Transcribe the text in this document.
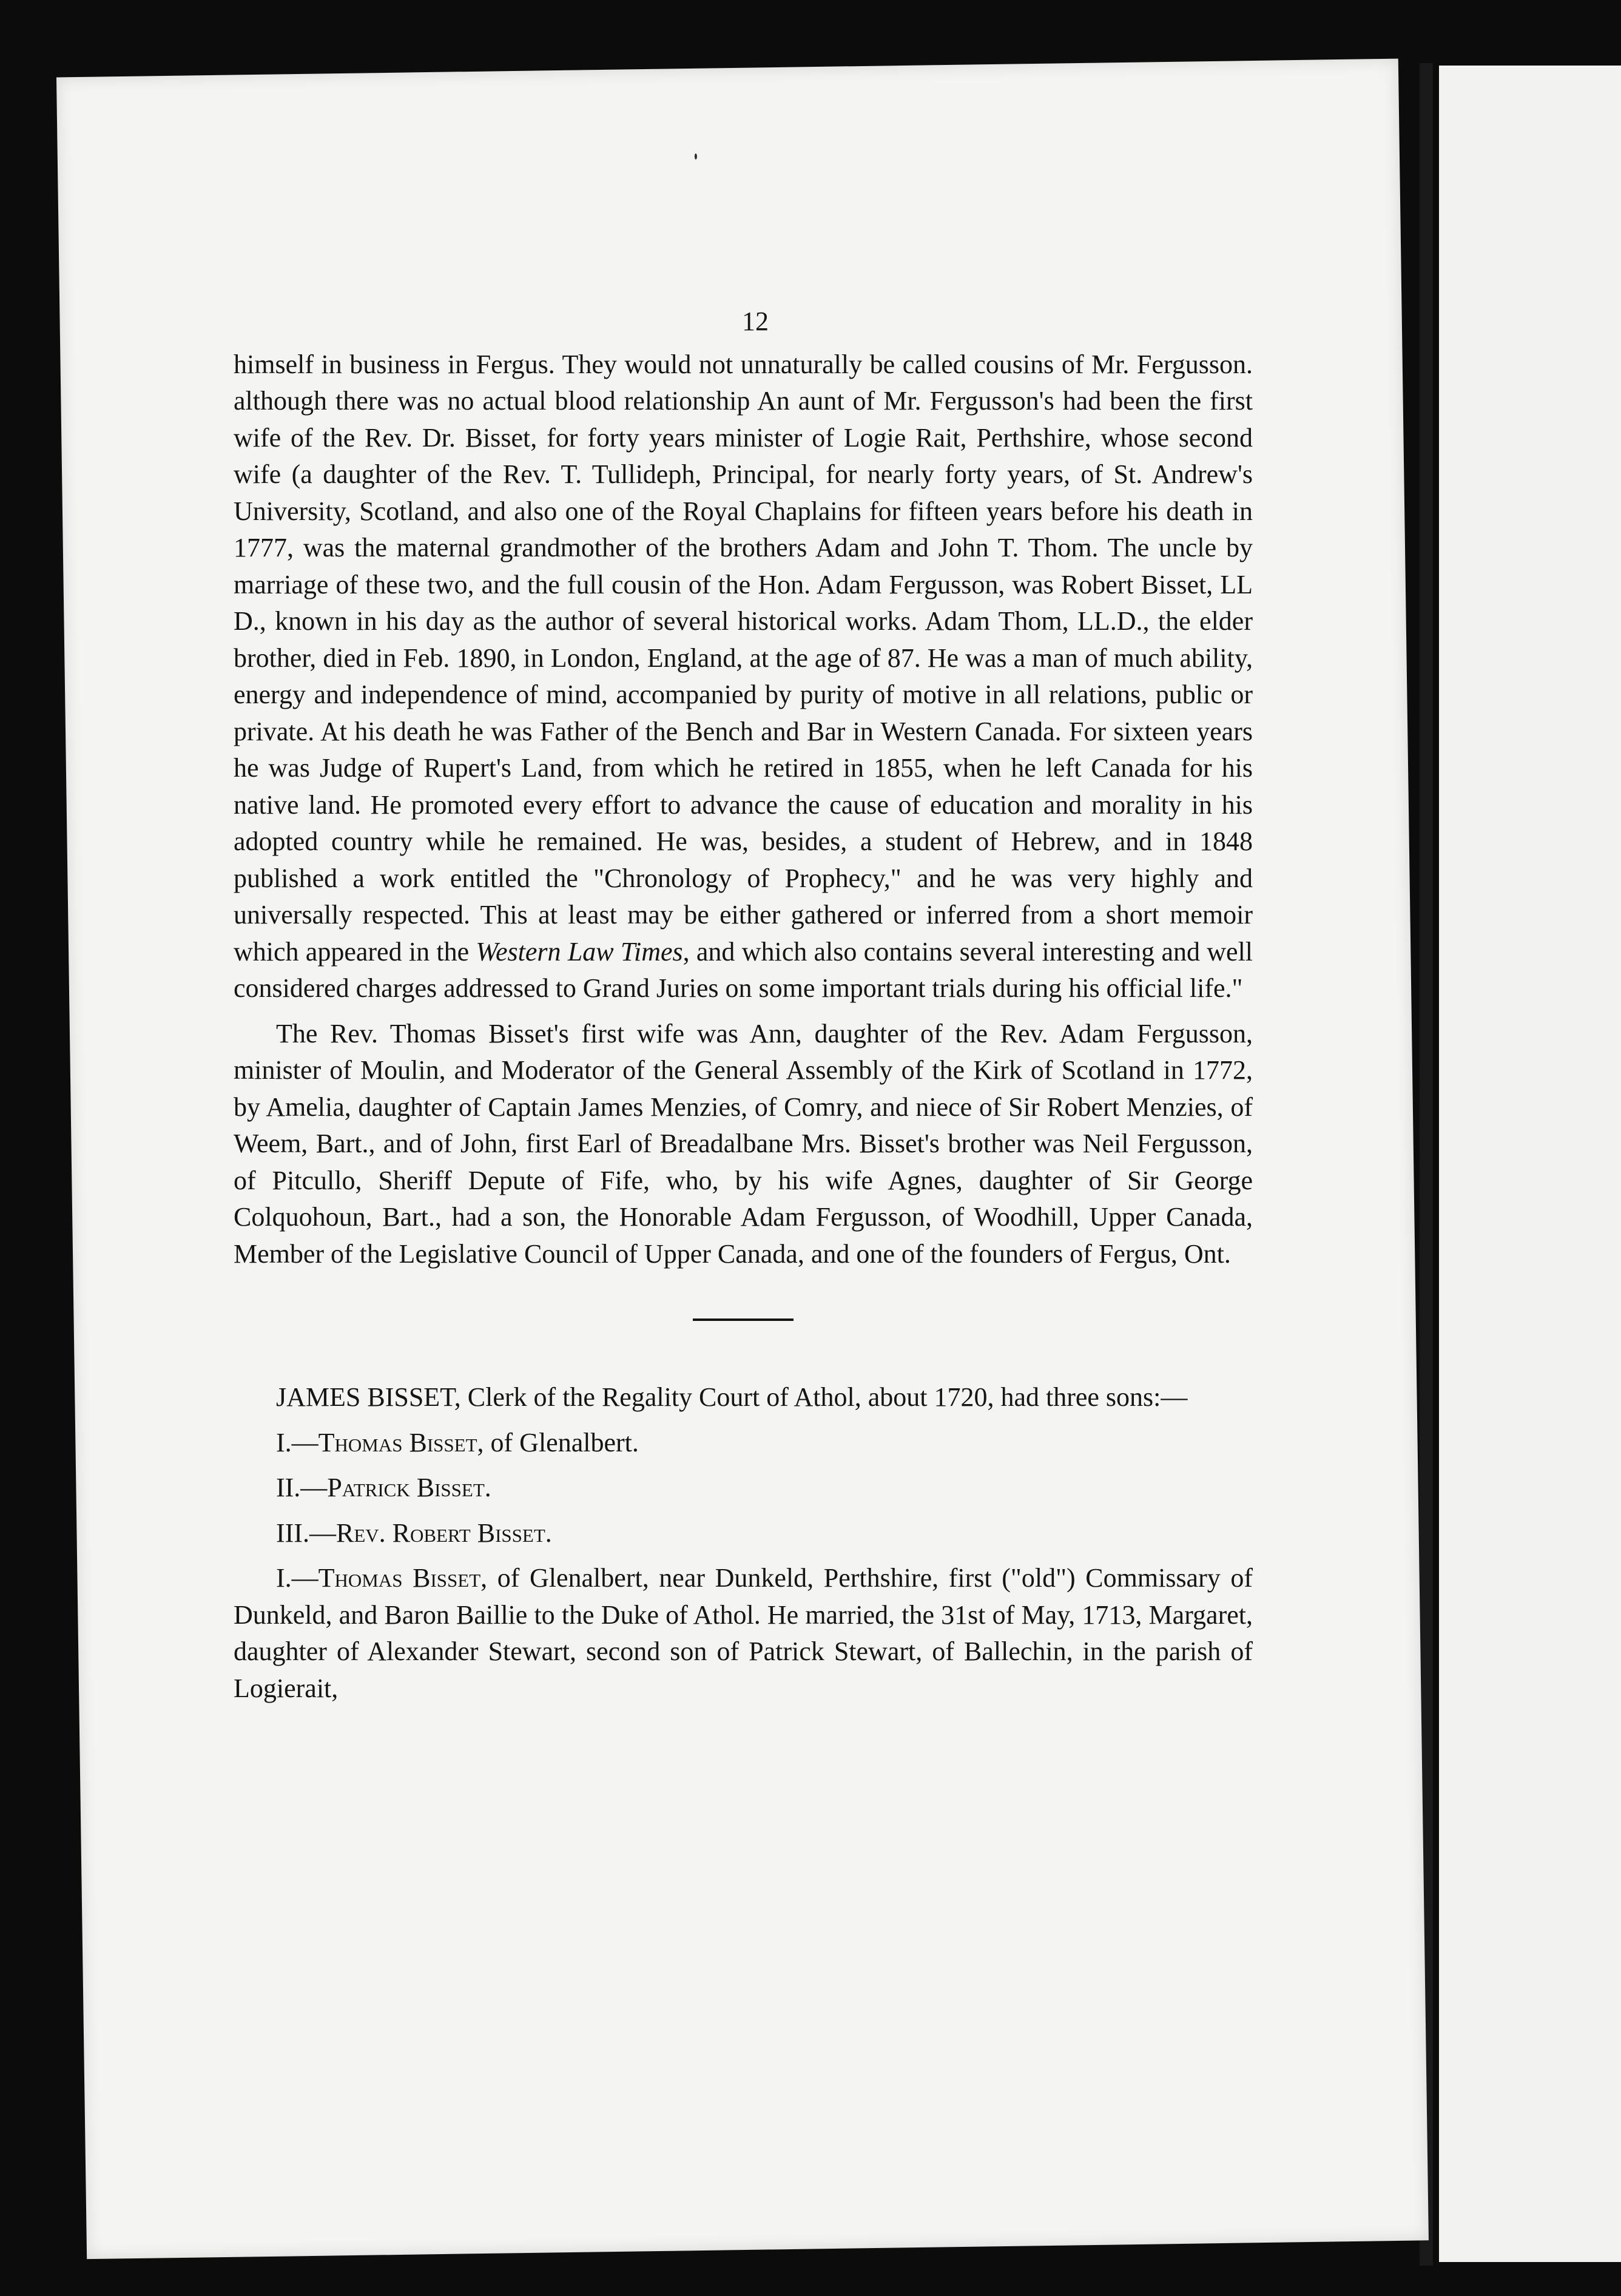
12

himself in business in Fergus. They would not unnaturally be called cousins of Mr. Fergusson. although there was no actual blood relationship An aunt of Mr. Fergusson's had been the first wife of the Rev. Dr. Bisset, for forty years minister of Logie Rait, Perthshire, whose second wife (a daughter of the Rev. T. Tullideph, Principal, for nearly forty years, of St. Andrew's University, Scotland, and also one of the Royal Chaplains for fifteen years before his death in 1777, was the maternal grandmother of the brothers Adam and John T. Thom. The uncle by marriage of these two, and the full cousin of the Hon. Adam Fergusson, was Robert Bisset, LL D., known in his day as the author of several historical works. Adam Thom, LL.D., the elder brother, died in Feb. 1890, in London, England, at the age of 87. He was a man of much ability, energy and independence of mind, accompanied by purity of motive in all relations, public or private. At his death he was Father of the Bench and Bar in Western Canada. For sixteen years he was Judge of Rupert's Land, from which he retired in 1855, when he left Canada for his native land. He promoted every effort to advance the cause of education and morality in his adopted country while he remained. He was, besides, a student of Hebrew, and in 1848 published a work entitled the "Chronology of Prophecy," and he was very highly and universally respected. This at least may be either gathered or inferred from a short memoir which appeared in the Western Law Times, and which also contains several interesting and well considered charges addressed to Grand Juries on some important trials during his official life."

The Rev. Thomas Bisset's first wife was Ann, daughter of the Rev. Adam Fergusson, minister of Moulin, and Moderator of the General Assembly of the Kirk of Scotland in 1772, by Amelia, daughter of Captain James Menzies, of Comry, and niece of Sir Robert Menzies, of Weem, Bart., and of John, first Earl of Breadalbane Mrs. Bisset's brother was Neil Fergusson, of Pitcullo, Sheriff Depute of Fife, who, by his wife Agnes, daughter of Sir George Colquohoun, Bart., had a son, the Honorable Adam Fergusson, of Woodhill, Upper Canada, Member of the Legislative Council of Upper Canada, and one of the founders of Fergus, Ont.

JAMES BISSET, Clerk of the Regality Court of Athol, about 1720, had three sons:—

I.—Thomas Bisset, of Glenalbert.

II.—Patrick Bisset.

III.—Rev. Robert Bisset.

I.—Thomas Bisset, of Glenalbert, near Dunkeld, Perthshire, first ("old") Commissary of Dunkeld, and Baron Baillie to the Duke of Athol. He married, the 31st of May, 1713, Margaret, daughter of Alexander Stewart, second son of Patrick Stewart, of Ballechin, in the parish of Logierait,
